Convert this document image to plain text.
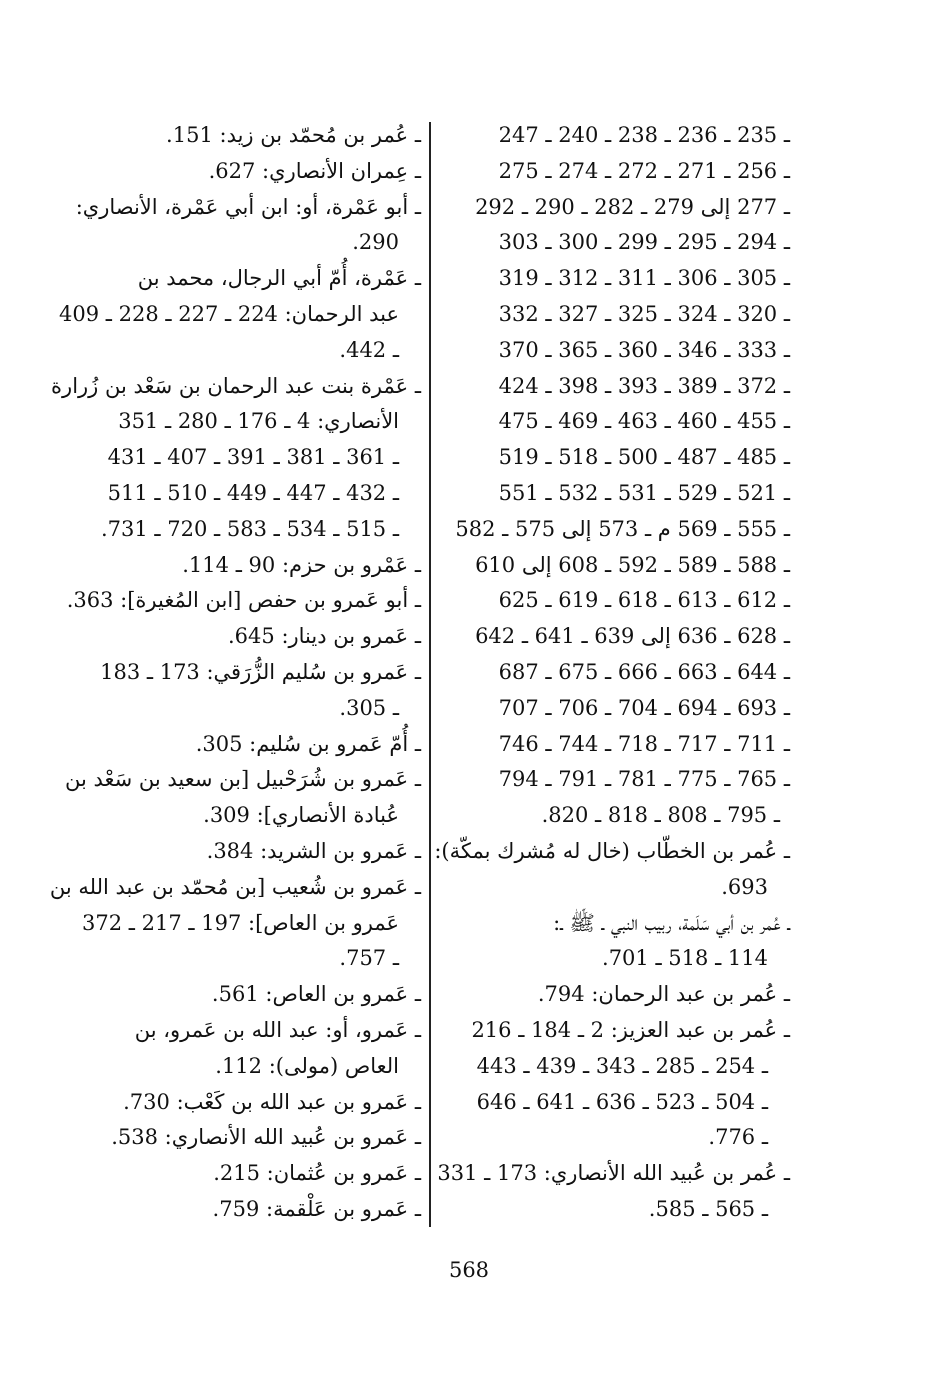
ـ 235 ـ 236 ـ 238 ـ 240 ـ 247
ـ 256 ـ 271 ـ 272 ـ 274 ـ 275
ـ 277 إلى 279 ـ 282 ـ 290 ـ 292
ـ 294 ـ 295 ـ 299 ـ 300 ـ 303
ـ 305 ـ 306 ـ 311 ـ 312 ـ 319
ـ 320 ـ 324 ـ 325 ـ 327 ـ 332
ـ 333 ـ 346 ـ 360 ـ 365 ـ 370
ـ 372 ـ 389 ـ 393 ـ 398 ـ 424
ـ 455 ـ 460 ـ 463 ـ 469 ـ 475
ـ 485 ـ 487 ـ 500 ـ 518 ـ 519
ـ 521 ـ 529 ـ 531 ـ 532 ـ 551
ـ 555 ـ 569 م ـ 573 إلى 575 ـ 582
ـ 588 ـ 589 ـ 592 ـ 608 إلى 610
ـ 612 ـ 613 ـ 618 ـ 619 ـ 625
ـ 628 ـ 636 إلى 639 ـ 641 ـ 642
ـ 644 ـ 663 ـ 666 ـ 675 ـ 687
ـ 693 ـ 694 ـ 704 ـ 706 ـ 707
ـ 711 ـ 717 ـ 718 ـ 744 ـ 746
ـ 765 ـ 775 ـ 781 ـ 791 ـ 794
ـ 795 ـ 808 ـ 818 ـ 820.
ـ عُمر بن الخطّاب (خال له مُشرك بمكّة):
693.
ـ عُمر بن أبي سَلَمة، ربيب النبي ـ ﷺ ـ:
114 ـ 518 ـ 701.
ـ عُمر بن عبد الرحمان: 794.
ـ عُمر بن عبد العزيز: 2 ـ 184 ـ 216
ـ 254 ـ 285 ـ 343 ـ 439 ـ 443
ـ 504 ـ 523 ـ 636 ـ 641 ـ 646
ـ 776.
ـ عُمر بن عُبيد الله الأنصاري: 173 ـ 331
ـ 565 ـ 585.
ـ عُمر بن مُحمّد بن زيد: 151.
ـ عِمران الأنصاري: 627.
ـ أبو عَمْرة، أو: ابن أبي عَمْرة، الأنصاري:
290.
ـ عَمْرة، أُمّ أبي الرجال، محمد بن
عبد الرحمان: 224 ـ 227 ـ 228 ـ 409
ـ 442.
ـ عَمْرة بنت عبد الرحمان بن سَعْد بن زُرارة
الأنصاري: 4 ـ 176 ـ 280 ـ 351
ـ 361 ـ 381 ـ 391 ـ 407 ـ 431
ـ 432 ـ 447 ـ 449 ـ 510 ـ 511
ـ 515 ـ 534 ـ 583 ـ 720 ـ 731.
ـ عَمْرو بن حزم: 90 ـ 114.
ـ أبو عَمرو بن حفص [ابن المُغيرة]: 363.
ـ عَمرو بن دينار: 645.
ـ عَمرو بن سُليم الزُّرَقي: 173 ـ 183
ـ 305.
ـ أُمّ عَمرو بن سُليم: 305.
ـ عَمرو بن شُرَحْبيل [بن سعيد بن سَعْد بن
عُبادة الأنصاري]: 309.
ـ عَمرو بن الشريد: 384.
ـ عَمرو بن شُعيب [بن مُحمّد بن عبد الله بن
عَمرو بن العاص]: 197 ـ 217 ـ 372
ـ 757.
ـ عَمرو بن العاص: 561.
ـ عَمرو، أو: عبد الله بن عَمرو، بن
العاص (مولى): 112.
ـ عَمرو بن عبد الله بن كَعْب: 730.
ـ عَمرو بن عُبيد الله الأنصاري: 538.
ـ عَمرو بن عُثمان: 215.
ـ عَمرو بن عَلْقمة: 759.
568
